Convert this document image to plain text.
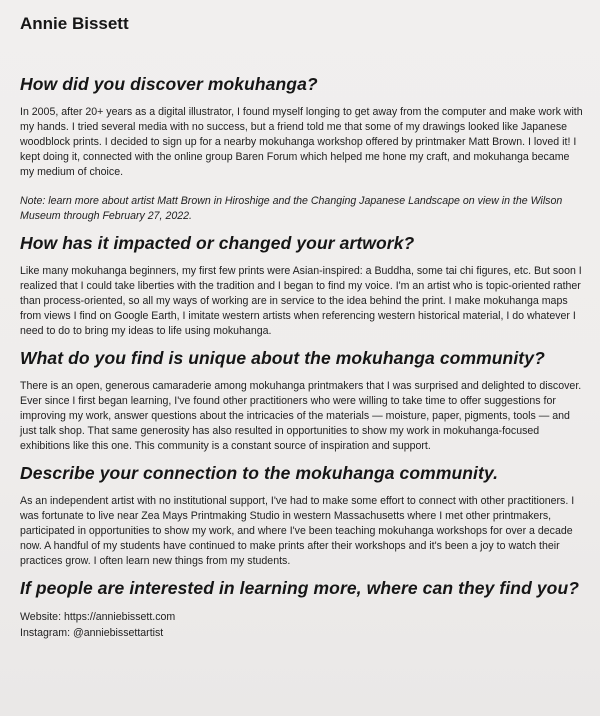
Annie Bissett
How did you discover mokuhanga?

In 2005, after 20+ years as a digital illustrator, I found myself longing to get away from the computer and make work with my hands. I tried several media with no success, but a friend told me that some of my drawings looked like Japanese woodblock prints. I decided to sign up for a nearby mokuhanga workshop offered by printmaker Matt Brown. I loved it! I kept doing it, connected with the online group Baren Forum which helped me hone my craft, and mokuhanga became my medium of choice.

Note: learn more about artist Matt Brown in Hiroshige and the Changing Japanese Landscape on view in the Wilson Museum through February 27, 2022.

How has it impacted or changed your artwork?

Like many mokuhanga beginners, my first few prints were Asian-inspired: a Buddha, some tai chi figures, etc. But soon I realized that I could take liberties with the tradition and I began to find my voice. I'm an artist who is topic-oriented rather than process-oriented, so all my ways of working are in service to the idea behind the print. I make mokuhanga maps from views I find on Google Earth, I imitate western artists when referencing western historical material, I do whatever I need to do to bring my ideas to life using mokuhanga.

What do you find is unique about the mokuhanga community?

There is an open, generous camaraderie among mokuhanga printmakers that I was surprised and delighted to discover. Ever since I first began learning, I've found other practitioners who were willing to take time to offer suggestions for improving my work, answer questions about the intricacies of the materials — moisture, paper, pigments, tools — and just talk shop. That same generosity has also resulted in opportunities to show my work in mokuhanga-focused exhibitions like this one. This community is a constant source of inspiration and support.

Describe your connection to the mokuhanga community.

As an independent artist with no institutional support, I've had to make some effort to connect with other practitioners. I was fortunate to live near Zea Mays Printmaking Studio in western Massachusetts where I met other printmakers, participated in opportunities to show my work, and where I've been teaching mokuhanga workshops for over a decade now. A handful of my students have continued to make prints after their workshops and it's been a joy to watch their practices grow. I often learn new things from my students.

If people are interested in learning more, where can they find you?

Website: https://anniebissett.com

Instagram: @anniebissettartist
